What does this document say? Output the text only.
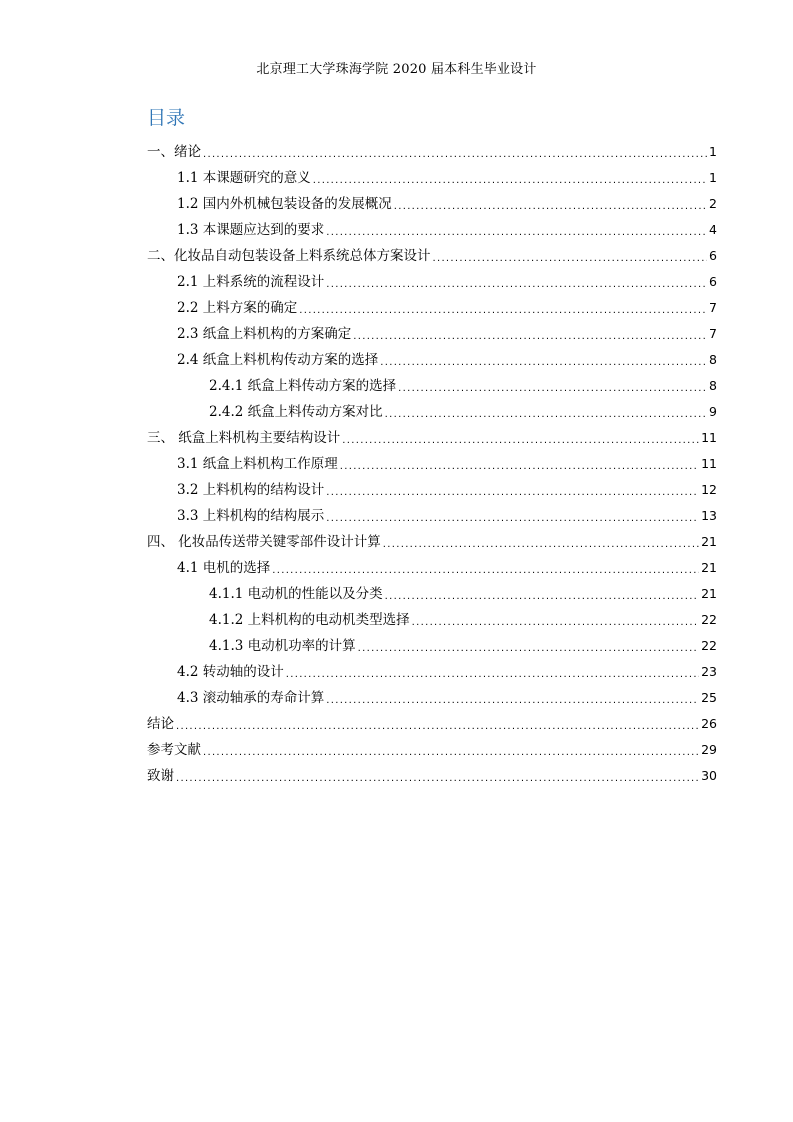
北京理工大学珠海学院 2020 届本科生毕业设计
目录
一、绪论 .....	1
1.1 本课题研究的意义 .....	1
1.2 国内外机械包装设备的发展概况 .....	2
1.3 本课题应达到的要求 .....	4
二、化妆品自动包装设备上料系统总体方案设计 .....	6
2.1 上料系统的流程设计 .....	6
2.2 上料方案的确定 .....	7
2.3 纸盒上料机构的方案确定 .....	7
2.4 纸盒上料机构传动方案的选择 .....	8
2.4.1 纸盒上料传动方案的选择 .....	8
2.4.2 纸盒上料传动方案对比 .....	9
三、 纸盒上料机构主要结构设计 .....	11
3.1 纸盒上料机构工作原理 .....	11
3.2 上料机构的结构设计 .....	12
3.3 上料机构的结构展示 .....	13
四、 化妆品传送带关键零部件设计计算 .....	21
4.1 电机的选择 .....	21
4.1.1 电动机的性能以及分类 .....	21
4.1.2 上料机构的电动机类型选择 .....	22
4.1.3 电动机功率的计算 .....	22
4.2 转动轴的设计 .....	23
4.3 滚动轴承的寿命计算 .....	25
结论 .....	26
参考文献 .....	29
致谢 .....	30
